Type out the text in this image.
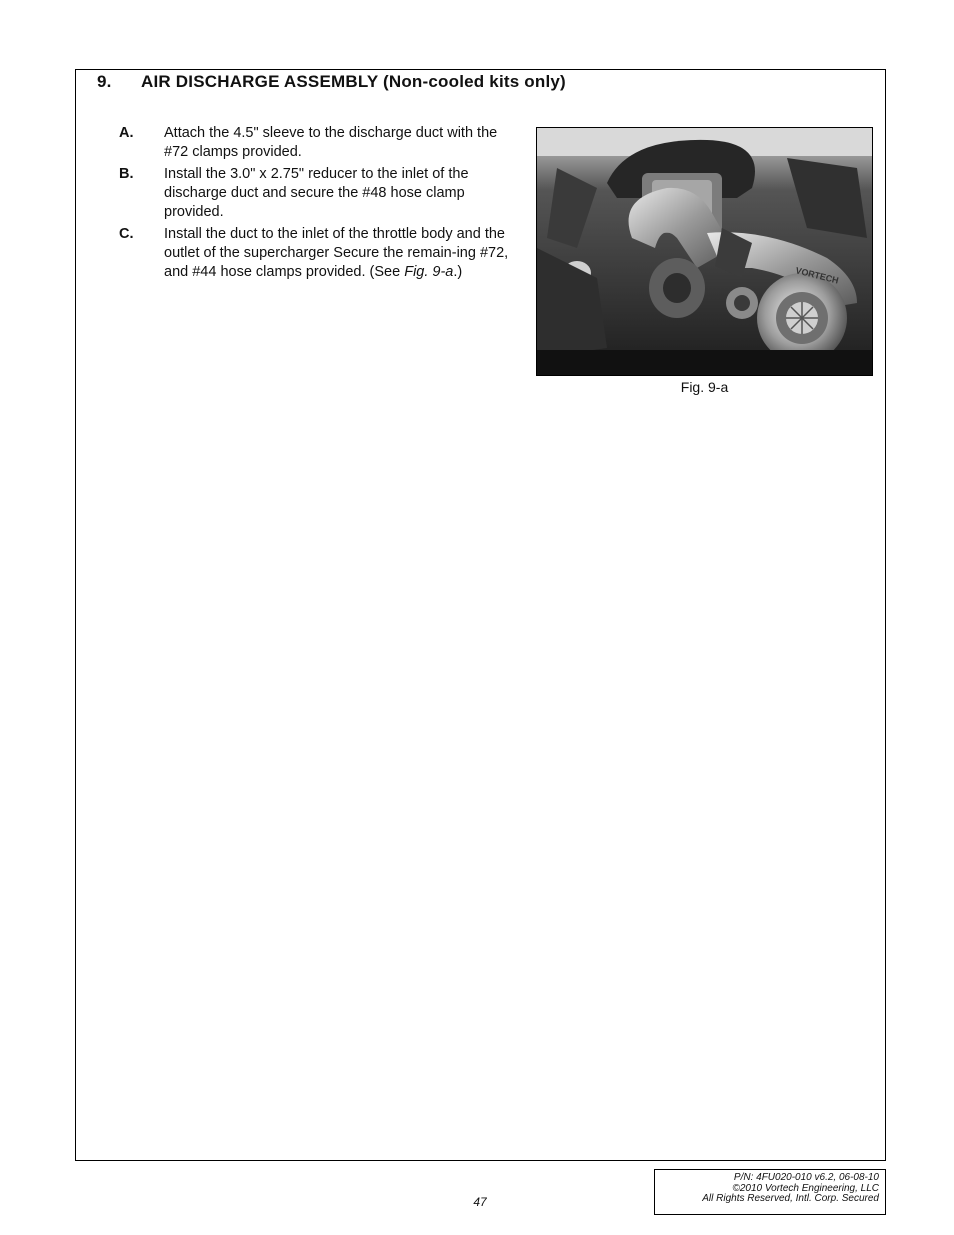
9. AIR DISCHARGE ASSEMBLY (Non-cooled kits only)
A.	Attach the 4.5" sleeve to the discharge duct with the #72 clamps provided.
B.	Install the 3.0" x 2.75" reducer to the inlet of the discharge duct and secure the #48 hose clamp provided.
C.	Install the duct to the inlet of the throttle body and the outlet of the supercharger Secure the remain-ing #72, and #44 hose clamps provided. (See Fig. 9-a.)	VORTECH
Fig. 9-a
47
P/N: 4FU020-010 v6.2, 06-08-10
©2010 Vortech Engineering, LLC
All Rights Reserved, Intl. Corp. Secured
